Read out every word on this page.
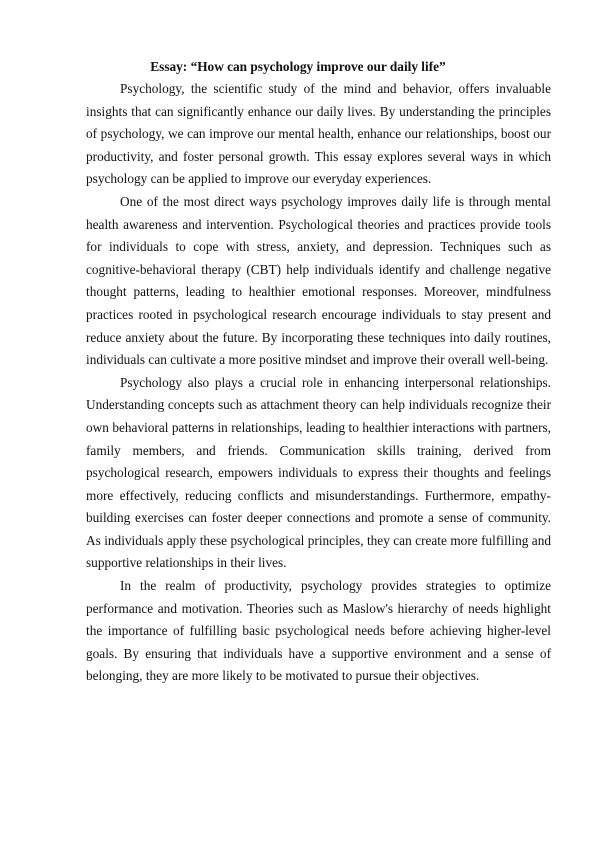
Essay: “How can psychology improve our daily life”

Psychology, the scientific study of the mind and behavior, offers invaluable insights that can significantly enhance our daily lives. By understanding the principles of psychology, we can improve our mental health, enhance our relationships, boost our productivity, and foster personal growth. This essay explores several ways in which psychology can be applied to improve our everyday experiences.

One of the most direct ways psychology improves daily life is through mental health awareness and intervention. Psychological theories and practices provide tools for individuals to cope with stress, anxiety, and depression. Techniques such as cognitive-behavioral therapy (CBT) help individuals identify and challenge negative thought patterns, leading to healthier emotional responses. Moreover, mindfulness practices rooted in psychological research encourage individuals to stay present and reduce anxiety about the future. By incorporating these techniques into daily routines, individuals can cultivate a more positive mindset and improve their overall well-being.

Psychology also plays a crucial role in enhancing interpersonal relationships. Understanding concepts such as attachment theory can help individuals recognize their own behavioral patterns in relationships, leading to healthier interactions with partners, family members, and friends. Communication skills training, derived from psychological research, empowers individuals to express their thoughts and feelings more effectively, reducing conflicts and misunderstandings. Furthermore, empathy-building exercises can foster deeper connections and promote a sense of community. As individuals apply these psychological principles, they can create more fulfilling and supportive relationships in their lives.

In the realm of productivity, psychology provides strategies to optimize performance and motivation. Theories such as Maslow's hierarchy of needs highlight the importance of fulfilling basic psychological needs before achieving higher-level goals. By ensuring that individuals have a supportive environment and a sense of belonging, they are more likely to be motivated to pursue their objectives.
